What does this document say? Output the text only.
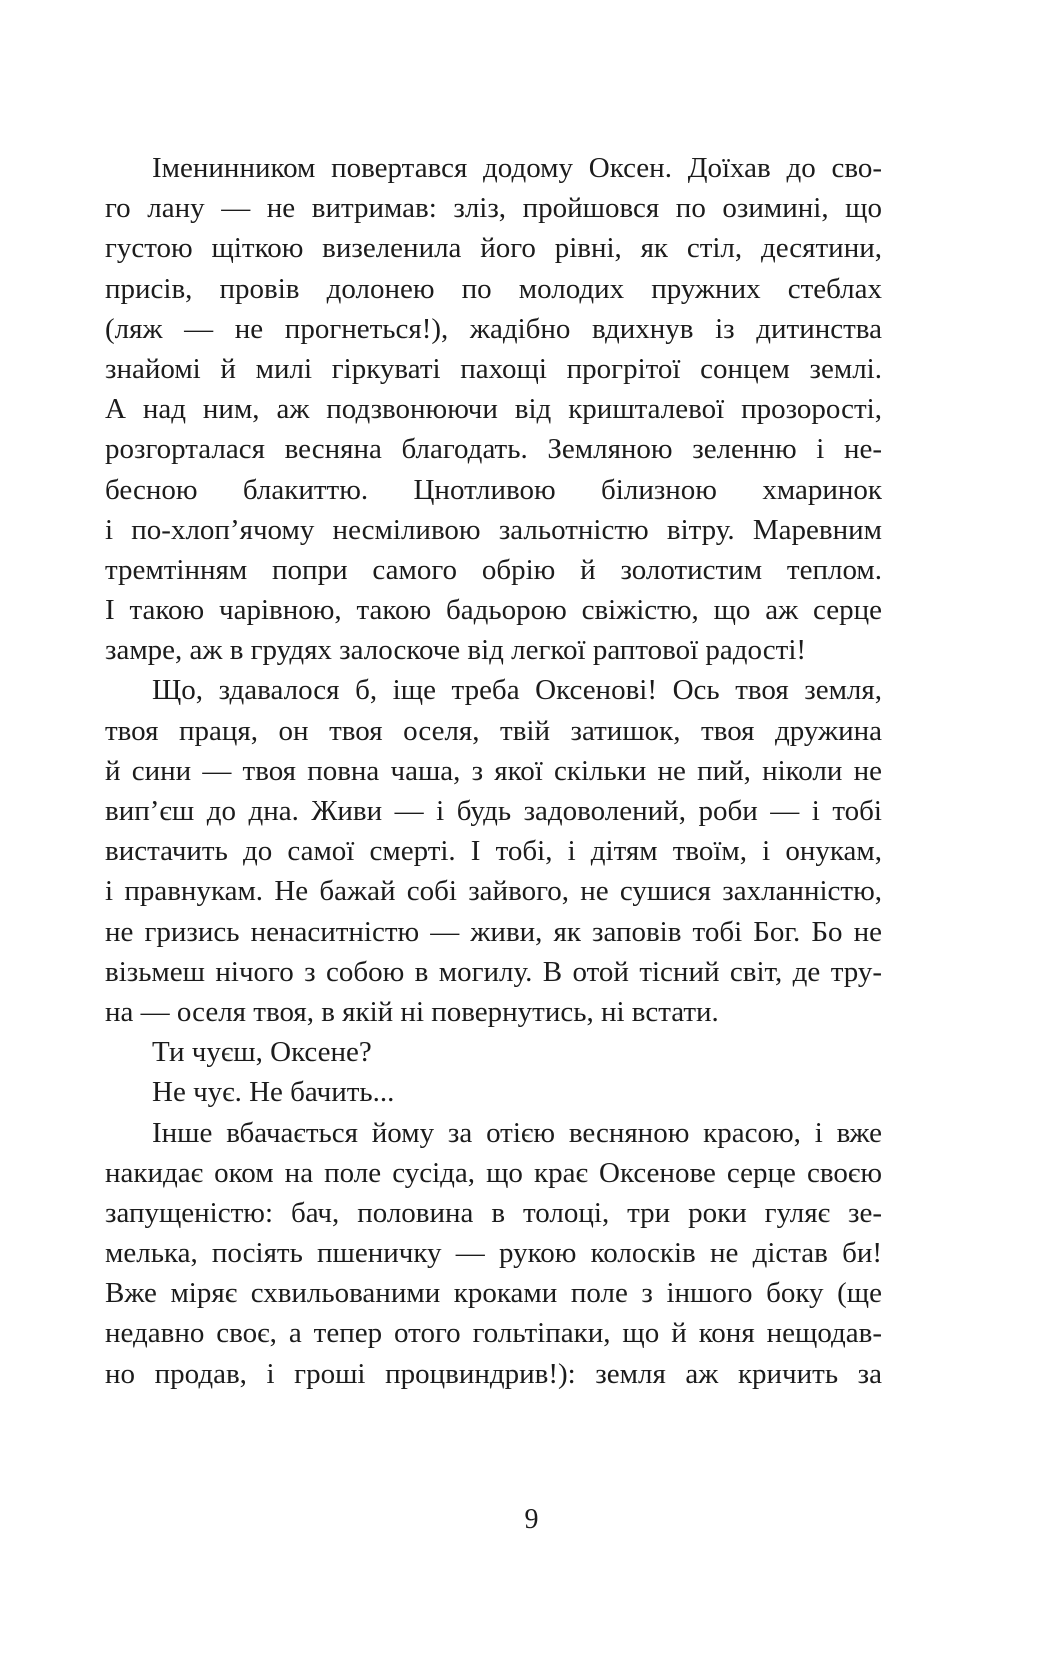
Іменинником повертався додому Оксен. Доїхав до сво-
го лану — не витримав: зліз, пройшовся по озимині, що
густою щіткою визеленила його рівні, як стіл, десятини,
присів, провів долонею по молодих пружних стеблах
(ляж — не прогнеться!), жадібно вдихнув із дитинства
знайомі й милі гіркуваті пахощі прогрітої сонцем землі.
А над ним, аж подзвонюючи від кришталевої прозорості,
розгорталася весняна благодать. Земляною зеленню і не-
бесною блакиттю. Цнотливою білизною хмаринок
і по-хлоп’ячому несміливою зальотністю вітру. Маревним
тремтінням попри самого обрію й золотистим теплом.
І такою чарівною, такою бадьорою свіжістю, що аж серце
замре, аж в грудях залоскоче від легкої раптової радості!
Що, здавалося б, іще треба Оксенові! Ось твоя земля,
твоя праця, он твоя оселя, твій затишок, твоя дружина
й сини — твоя повна чаша, з якої скільки не пий, ніколи не
вип’єш до дна. Живи — і будь задоволений, роби — і тобі
вистачить до самої смерті. І тобі, і дітям твоїм, і онукам,
і правнукам. Не бажай собі зайвого, не сушися захланністю,
не гризись ненаситністю — живи, як заповів тобі Бог. Бо не
візьмеш нічого з собою в могилу. В отой тісний світ, де тру-
на — оселя твоя, в якій ні повернутись, ні встати.
Ти чуєш, Оксене?
Не чує. Не бачить...
Інше вбачається йому за отією весняною красою, і вже
накидає оком на поле сусіда, що крає Оксенове серце своєю
запущеністю: бач, половина в толоці, три роки гуляє зе-
мелька, посіять пшеничку — рукою колосків не дістав би!
Вже міряє схвильованими кроками поле з іншого боку (ще
недавно своє, а тепер отого гольтіпаки, що й коня нещодав-
но продав, і гроші процвиндрив!): земля аж кричить за
9
